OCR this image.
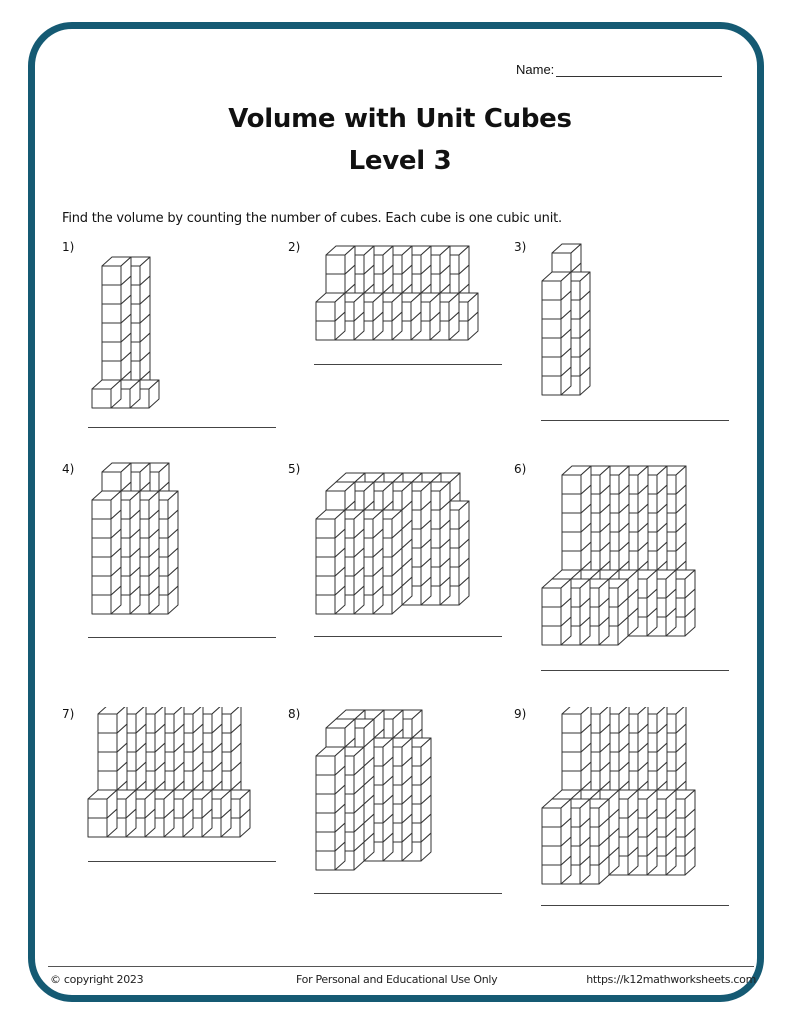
Name:
Volume with Unit Cubes
Level 3
Find the volume by counting the number of cubes. Each cube is one cubic unit.
1)	2)	3)
4)	5)	6)
7)	8)	9)
© copyright 2023	For Personal and Educational Use Only	https://k12mathworksheets.com
